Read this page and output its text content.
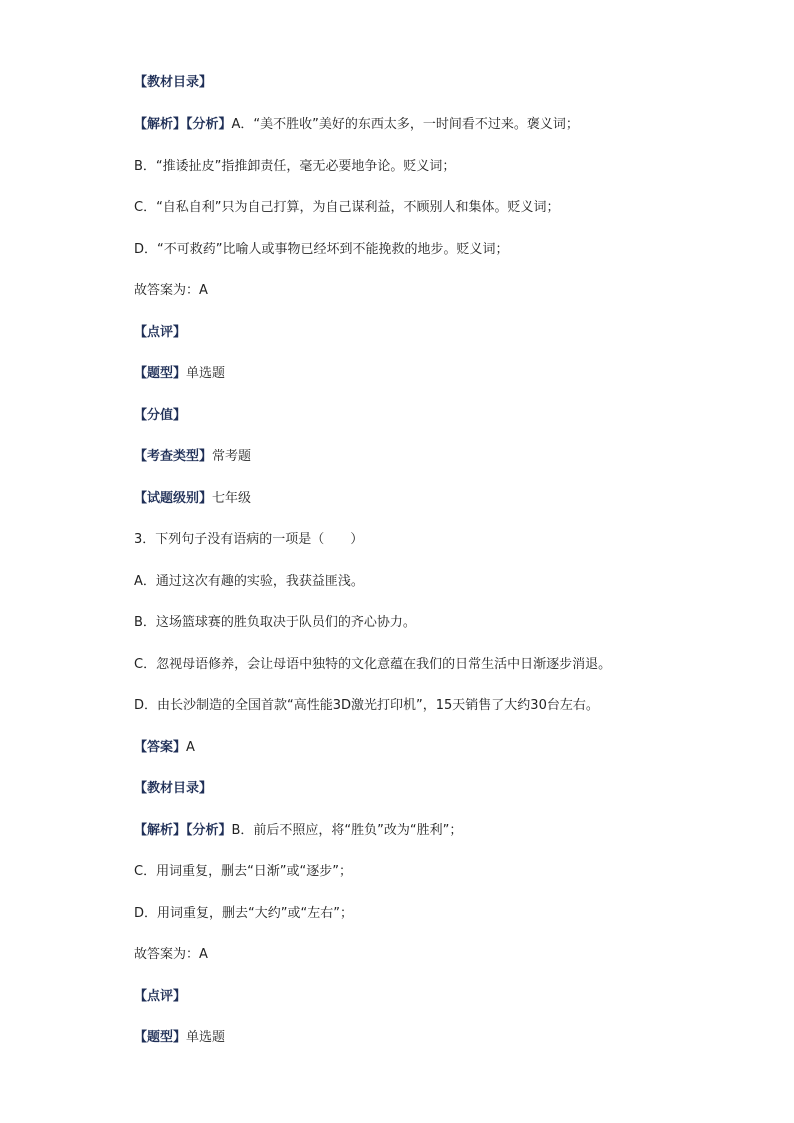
【教材目录】
【解析】【分析】A．“美不胜收”美好的东西太多，一时间看不过来。褒义词；
B．“推诿扯皮”指推卸责任，毫无必要地争论。贬义词；
C．“自私自利”只为自己打算，为自己谋利益，不顾别人和集体。贬义词；
D．“不可救药”比喻人或事物已经坏到不能挽救的地步。贬义词；
故答案为：A
【点评】
【题型】单选题
【分值】
【考查类型】常考题
【试题级别】七年级
3．下列句子没有语病的一项是（　　）
A．通过这次有趣的实验，我获益匪浅。
B．这场篮球赛的胜负取决于队员们的齐心协力。
C．忽视母语修养，会让母语中独特的文化意蕴在我们的日常生活中日渐逐步消退。
D．由长沙制造的全国首款“高性能3D激光打印机”，15天销售了大约30台左右。
【答案】A
【教材目录】
【解析】【分析】B．前后不照应，将“胜负”改为“胜利”；
C．用词重复，删去“日渐”或“逐步”；
D．用词重复，删去“大约”或“左右”；
故答案为：A
【点评】
【题型】单选题
